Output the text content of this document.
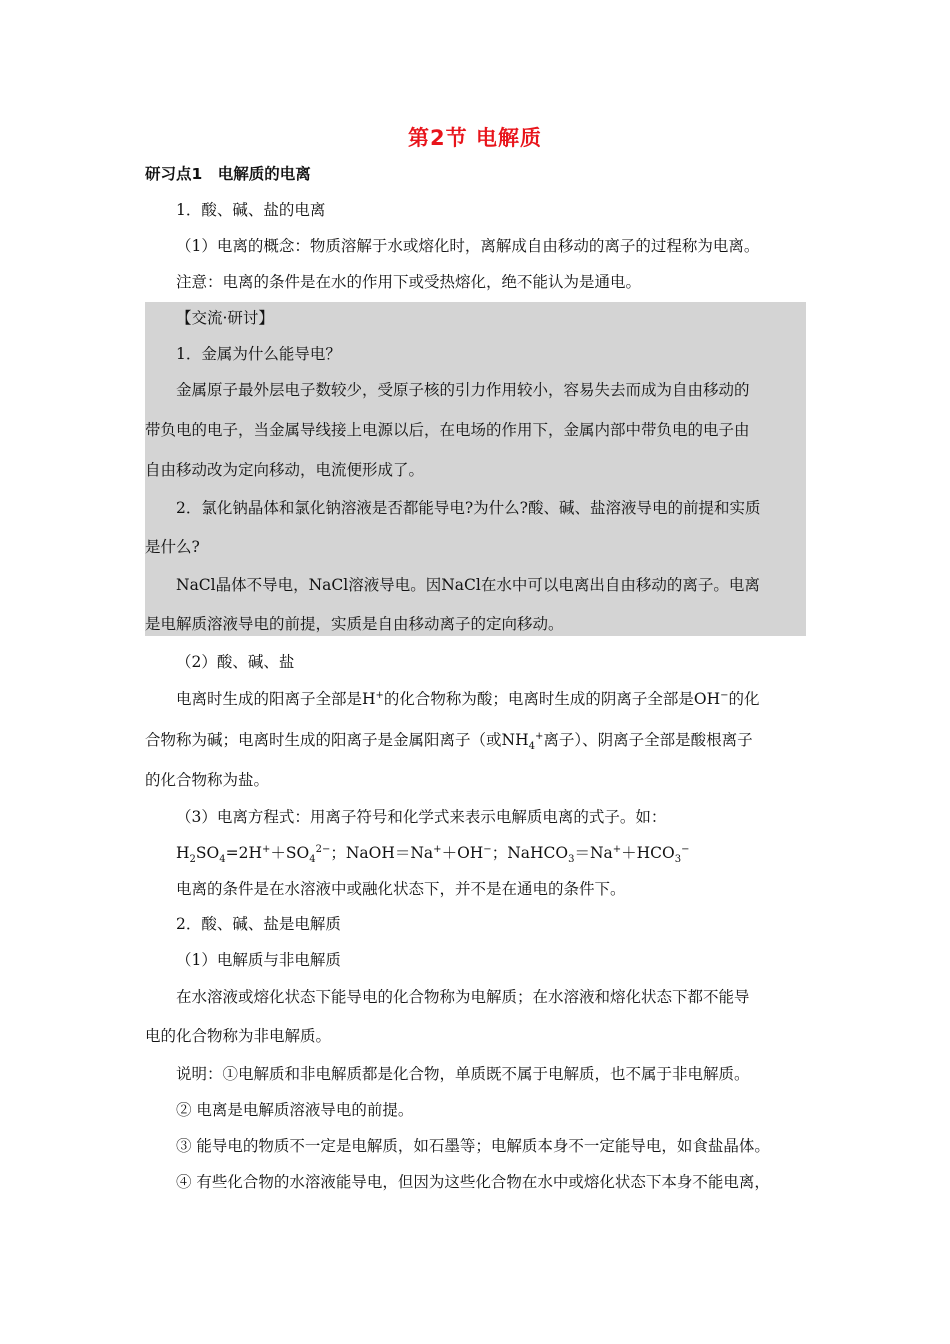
第2节 电解质
研习点1　电解质的电离
1．酸、碱、盐的电离
（1）电离的概念：物质溶解于水或熔化时，离解成自由移动的离子的过程称为电离。
注意：电离的条件是在水的作用下或受热熔化，绝不能认为是通电。
【交流·研讨】
1．金属为什么能导电？
金属原子最外层电子数较少，受原子核的引力作用较小，容易失去而成为自由移动的
带负电的电子，当金属导线接上电源以后，在电场的作用下，金属内部中带负电的电子由
自由移动改为定向移动，电流便形成了。
2．氯化钠晶体和氯化钠溶液是否都能导电?为什么?酸、碱、盐溶液导电的前提和实质
是什么?
NaCl晶体不导电，NaCl溶液导电。因NaCl在水中可以电离出自由移动的离子。电离
是电解质溶液导电的前提，实质是自由移动离子的定向移动。
（2）酸、碱、盐
电离时生成的阳离子全部是H+的化合物称为酸；电离时生成的阴离子全部是OH−的化
合物称为碱；电离时生成的阳离子是金属阳离子（或$NH_4^+$离子）、阴离子全部是酸根离子
的化合物称为盐。
（3）电离方程式：用离子符号和化学式来表示电解质电离的式子。如：
$H_2SO_4=2H^++SO_4^{2-}$；NaOH＝Na+＋OH−；$NaHCO_3=Na^++HCO_3^-$
电离的条件是在水溶液中或融化状态下，并不是在通电的条件下。
2．酸、碱、盐是电解质
（1）电解质与非电解质
在水溶液或熔化状态下能导电的化合物称为电解质；在水溶液和熔化状态下都不能导
电的化合物称为非电解质。
说明：①电解质和非电解质都是化合物，单质既不属于电解质，也不属于非电解质。
② 电离是电解质溶液导电的前提。
③ 能导电的物质不一定是电解质，如石墨等；电解质本身不一定能导电，如食盐晶体。
④ 有些化合物的水溶液能导电，但因为这些化合物在水中或熔化状态下本身不能电离，
